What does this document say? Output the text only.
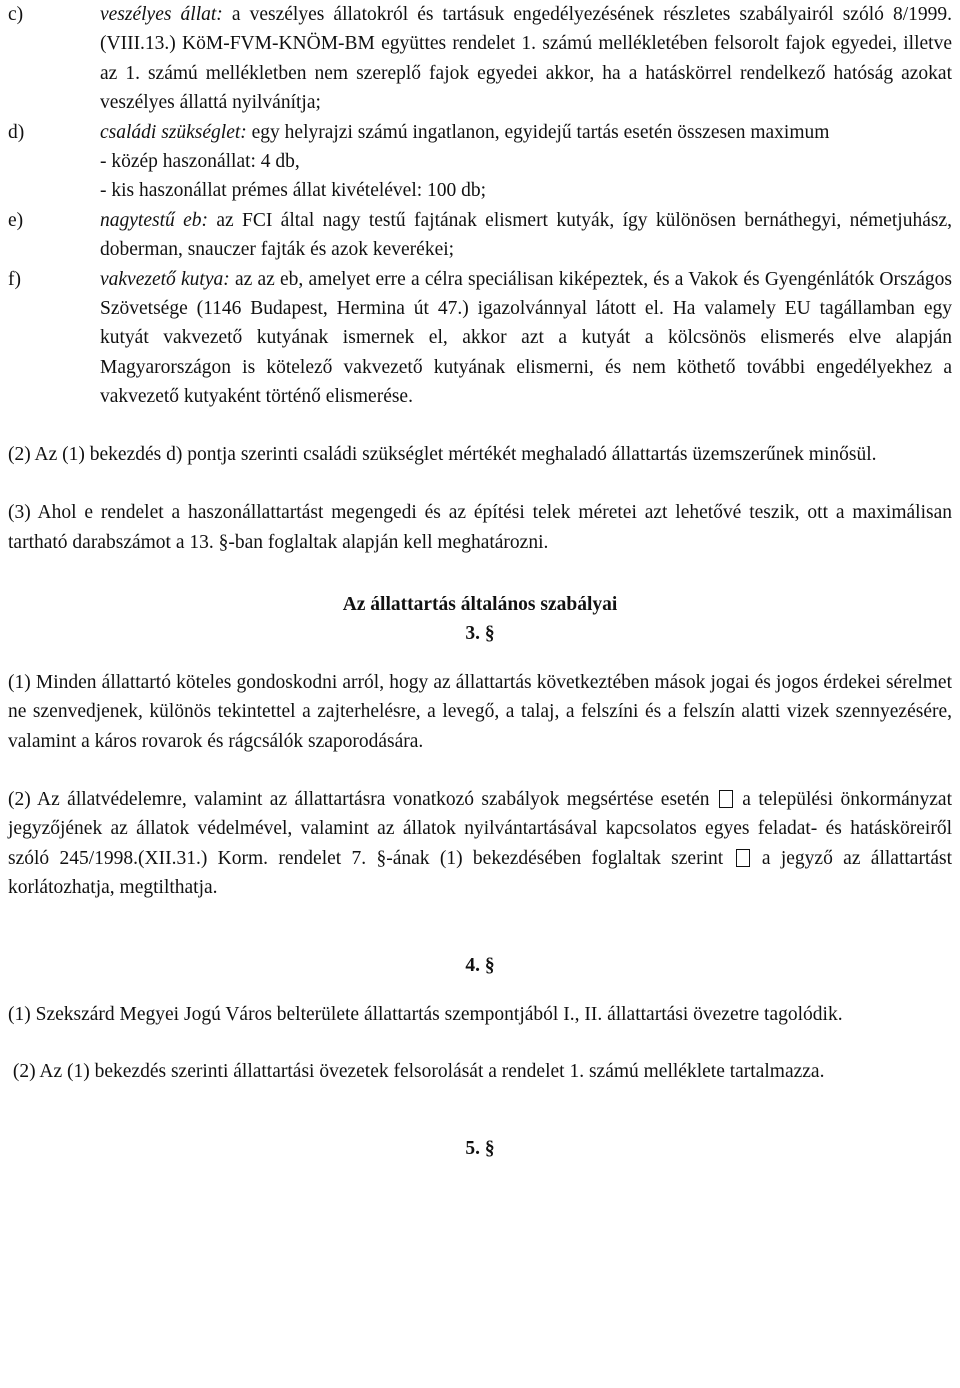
c)	veszélyes állat: a veszélyes állatokról és tartásuk engedélyezésének részletes szabályairól szóló 8/1999.(VIII.13.) KöM-FVM-KNÖM-BM együttes rendelet 1. számú mellékletében felsorolt fajok egyedei, illetve az 1. számú mellékletben nem szereplő fajok egyedei akkor, ha a hatáskörrel rendelkező hatóság azokat veszélyes állattá nyilvánítja;

d)	családi szükséglet: egy helyrajzi számú ingatlanon, egyidejű tartás esetén összesen maximum

- közép haszonállat: 4 db,

- kis haszonállat prémes állat kivételével: 100 db;

e)	nagytestű eb: az FCI által nagy testű fajtának elismert kutyák, így különösen bernáthegyi, németjuhász, doberman, snauczer fajták és azok keverékei;

f)	vakvezető kutya: az az eb, amelyet erre a célra speciálisan kiképeztek, és a Vakok és Gyengénlátók Országos Szövetsége (1146 Budapest, Hermina út 47.) igazolvánnyal látott el. Ha valamely EU tagállamban egy kutyát vakvezető kutyának ismernek el, akkor azt a kutyát a kölcsönös elismerés elve alapján Magyarországon is kötelező vakvezető kutyának elismerni, és nem köthető további engedélyekhez a vakvezető kutyaként történő elismerése.

(2) Az (1) bekezdés d) pontja szerinti családi szükséglet mértékét meghaladó állattartás üzemszerűnek minősül.

(3) Ahol e rendelet a haszonállattartást megengedi és az építési telek méretei azt lehetővé teszik, ott a maximálisan tartható darabszámot a 13. §-ban foglaltak alapján kell meghatározni.

Az állattartás általános szabályai

3. §

(1) Minden állattartó köteles gondoskodni arról, hogy az állattartás következtében mások jogai és jogos érdekei sérelmet ne szenvedjenek, különös tekintettel a zajterhelésre, a levegő, a talaj, a felszíni és a felszín alatti vizek szennyezésére, valamint a káros rovarok és rágcsálók szaporodására.

(2) Az állatvédelemre, valamint az állattartásra vonatkozó szabályok megsértése esetén a települési önkormányzat jegyzőjének az állatok védelmével, valamint az állatok nyilvántartásával kapcsolatos egyes feladat- és hatásköreiről szóló 245/1998.(XII.31.) Korm. rendelet 7. §-ának (1) bekezdésében foglaltak szerint a jegyző az állattartást korlátozhatja, megtilthatja.

4. §

(1) Szekszárd Megyei Jogú Város belterülete állattartás szempontjából I., II. állattartási övezetre tagolódik.

(2) Az (1) bekezdés szerinti állattartási övezetek felsorolását a rendelet 1. számú melléklete tartalmazza.

5. §
